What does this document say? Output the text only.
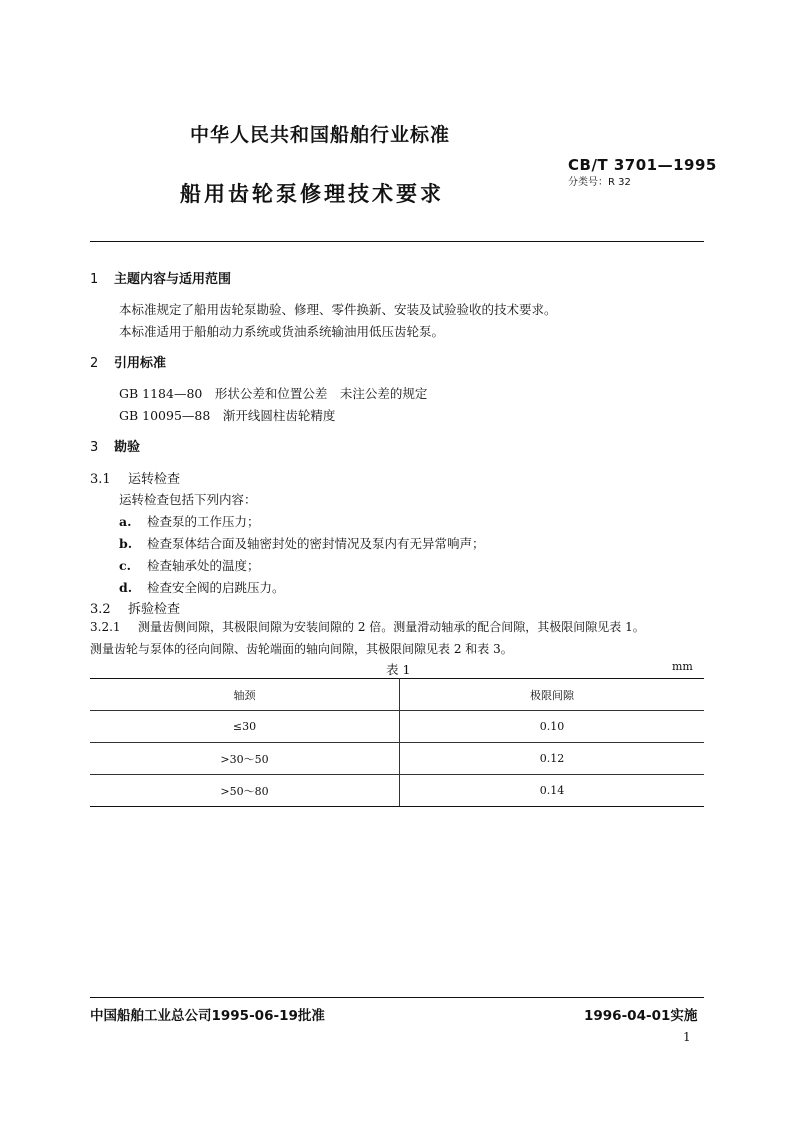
中华人民共和国船舶行业标准
CB/T 3701—1995
分类号：R 32
船用齿轮泵修理技术要求
1 主题内容与适用范围
本标准规定了船用齿轮泵勘验、修理、零件换新、安装及试验验收的技术要求。
本标准适用于船舶动力系统或货油系统输油用低压齿轮泵。
2 引用标准
GB 1184—80　形状公差和位置公差　未注公差的规定
GB 10095—88　渐开线圆柱齿轮精度
3 勘验
3.1 运转检查
运转检查包括下列内容：
a. 检查泵的工作压力；
b. 检查泵体结合面及轴密封处的密封情况及泵内有无异常响声；
c. 检查轴承处的温度；
d. 检查安全阀的启跳压力。
3.2 拆验检查
3.2.1 测量齿侧间隙，其极限间隙为安装间隙的 2 倍。测量滑动轴承的配合间隙，其极限间隙见表 1。
测量齿轮与泵体的径向间隙、齿轮端面的轴向间隙，其极限间隙见表 2 和表 3。
表 1	mm
轴颈	极限间隙
≤30	0.10
>30～50	0.12
>50～80	0.14
中国船舶工业总公司1995-06-19批准	1996-04-01实施
1
